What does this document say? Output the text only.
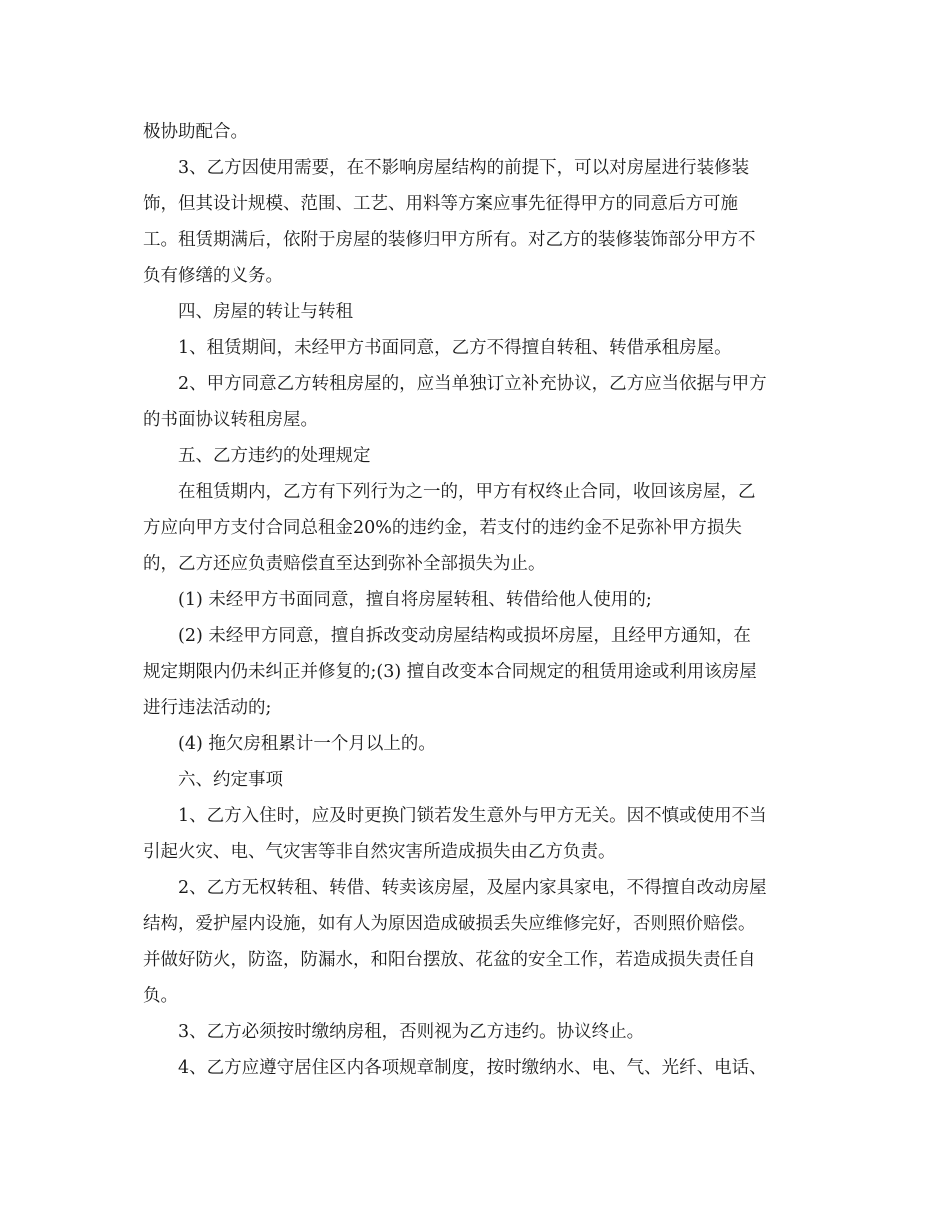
极协助配合。

3、乙方因使用需要，在不影响房屋结构的前提下，可以对房屋进行装修装
饰，但其设计规模、范围、工艺、用料等方案应事先征得甲方的同意后方可施
工。租赁期满后，依附于房屋的装修归甲方所有。对乙方的装修装饰部分甲方不
负有修缮的义务。

四、房屋的转让与转租

1、租赁期间，未经甲方书面同意，乙方不得擅自转租、转借承租房屋。

2、甲方同意乙方转租房屋的，应当单独订立补充协议，乙方应当依据与甲方
的书面协议转租房屋。

五、乙方违约的处理规定

在租赁期内，乙方有下列行为之一的，甲方有权终止合同，收回该房屋，乙
方应向甲方支付合同总租金20%的违约金，若支付的违约金不足弥补甲方损失
的，乙方还应负责赔偿直至达到弥补全部损失为止。

(1) 未经甲方书面同意，擅自将房屋转租、转借给他人使用的;

(2) 未经甲方同意，擅自拆改变动房屋结构或损坏房屋，且经甲方通知，在
规定期限内仍未纠正并修复的;(3) 擅自改变本合同规定的租赁用途或利用该房屋
进行违法活动的;

(4) 拖欠房租累计一个月以上的。

六、约定事项

1、乙方入住时，应及时更换门锁若发生意外与甲方无关。因不慎或使用不当
引起火灾、电、气灾害等非自然灾害所造成损失由乙方负责。

2、乙方无权转租、转借、转卖该房屋，及屋内家具家电，不得擅自改动房屋
结构，爱护屋内设施，如有人为原因造成破损丢失应维修完好，否则照价赔偿。
并做好防火，防盗，防漏水，和阳台摆放、花盆的安全工作，若造成损失责任自
负。

3、乙方必须按时缴纳房租，否则视为乙方违约。协议终止。

4、乙方应遵守居住区内各项规章制度，按时缴纳水、电、气、光纤、电话、
